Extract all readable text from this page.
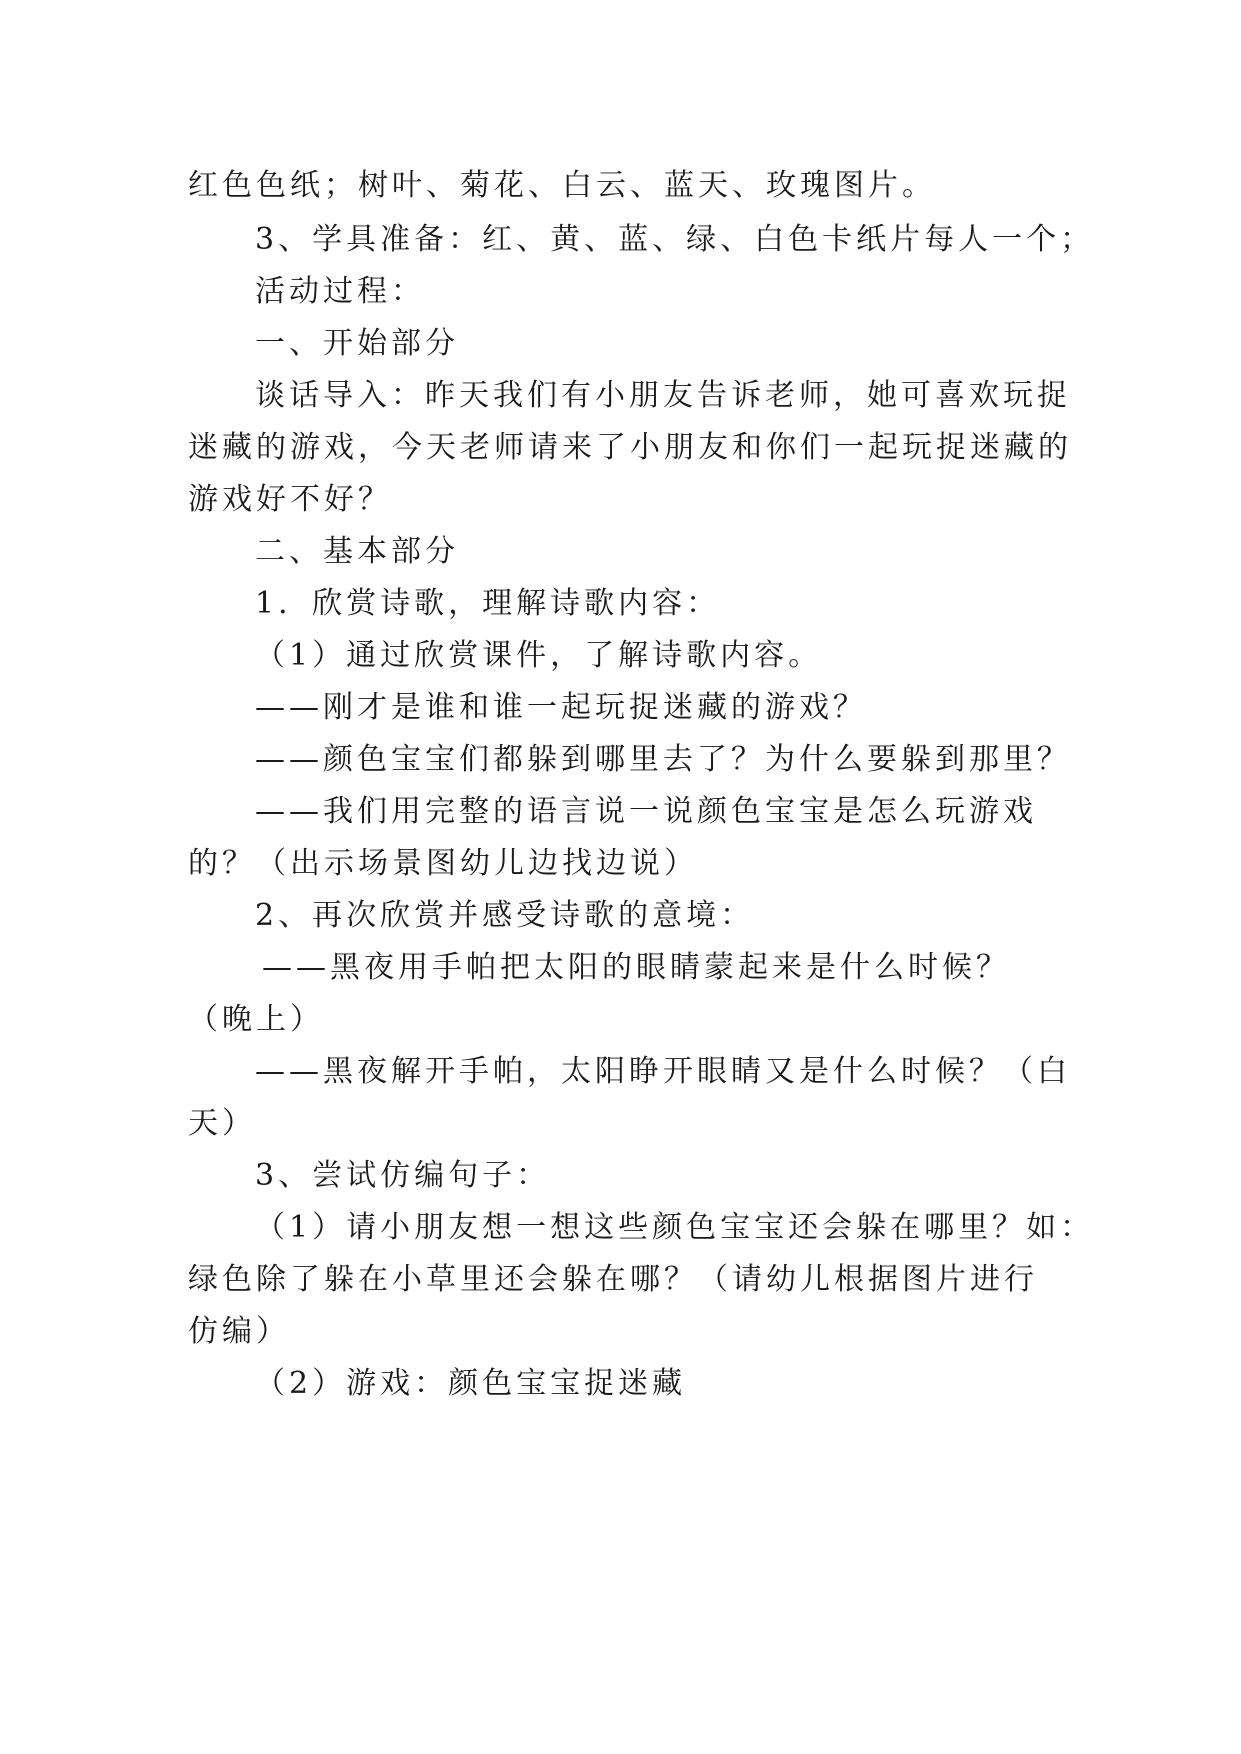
红色色纸；树叶、菊花、白云、蓝天、玫瑰图片。
3、学具准备：红、黄、蓝、绿、白色卡纸片每人一个；
活动过程：
一、开始部分
谈话导入：昨天我们有小朋友告诉老师，她可喜欢玩捉
迷藏的游戏，今天老师请来了小朋友和你们一起玩捉迷藏的
游戏好不好？
二、基本部分
1．欣赏诗歌，理解诗歌内容：
（1）通过欣赏课件，了解诗歌内容。
——刚才是谁和谁一起玩捉迷藏的游戏？
——颜色宝宝们都躲到哪里去了？为什么要躲到那里？
——我们用完整的语言说一说颜色宝宝是怎么玩游戏
的？（出示场景图幼儿边找边说）
2、再次欣赏并感受诗歌的意境：
——黑夜用手帕把太阳的眼睛蒙起来是什么时候？
（晚上）
——黑夜解开手帕，太阳睁开眼睛又是什么时候？（白
天）
3、尝试仿编句子：
（1）请小朋友想一想这些颜色宝宝还会躲在哪里？如：
绿色除了躲在小草里还会躲在哪？（请幼儿根据图片进行
仿编）
（2）游戏：颜色宝宝捉迷藏
